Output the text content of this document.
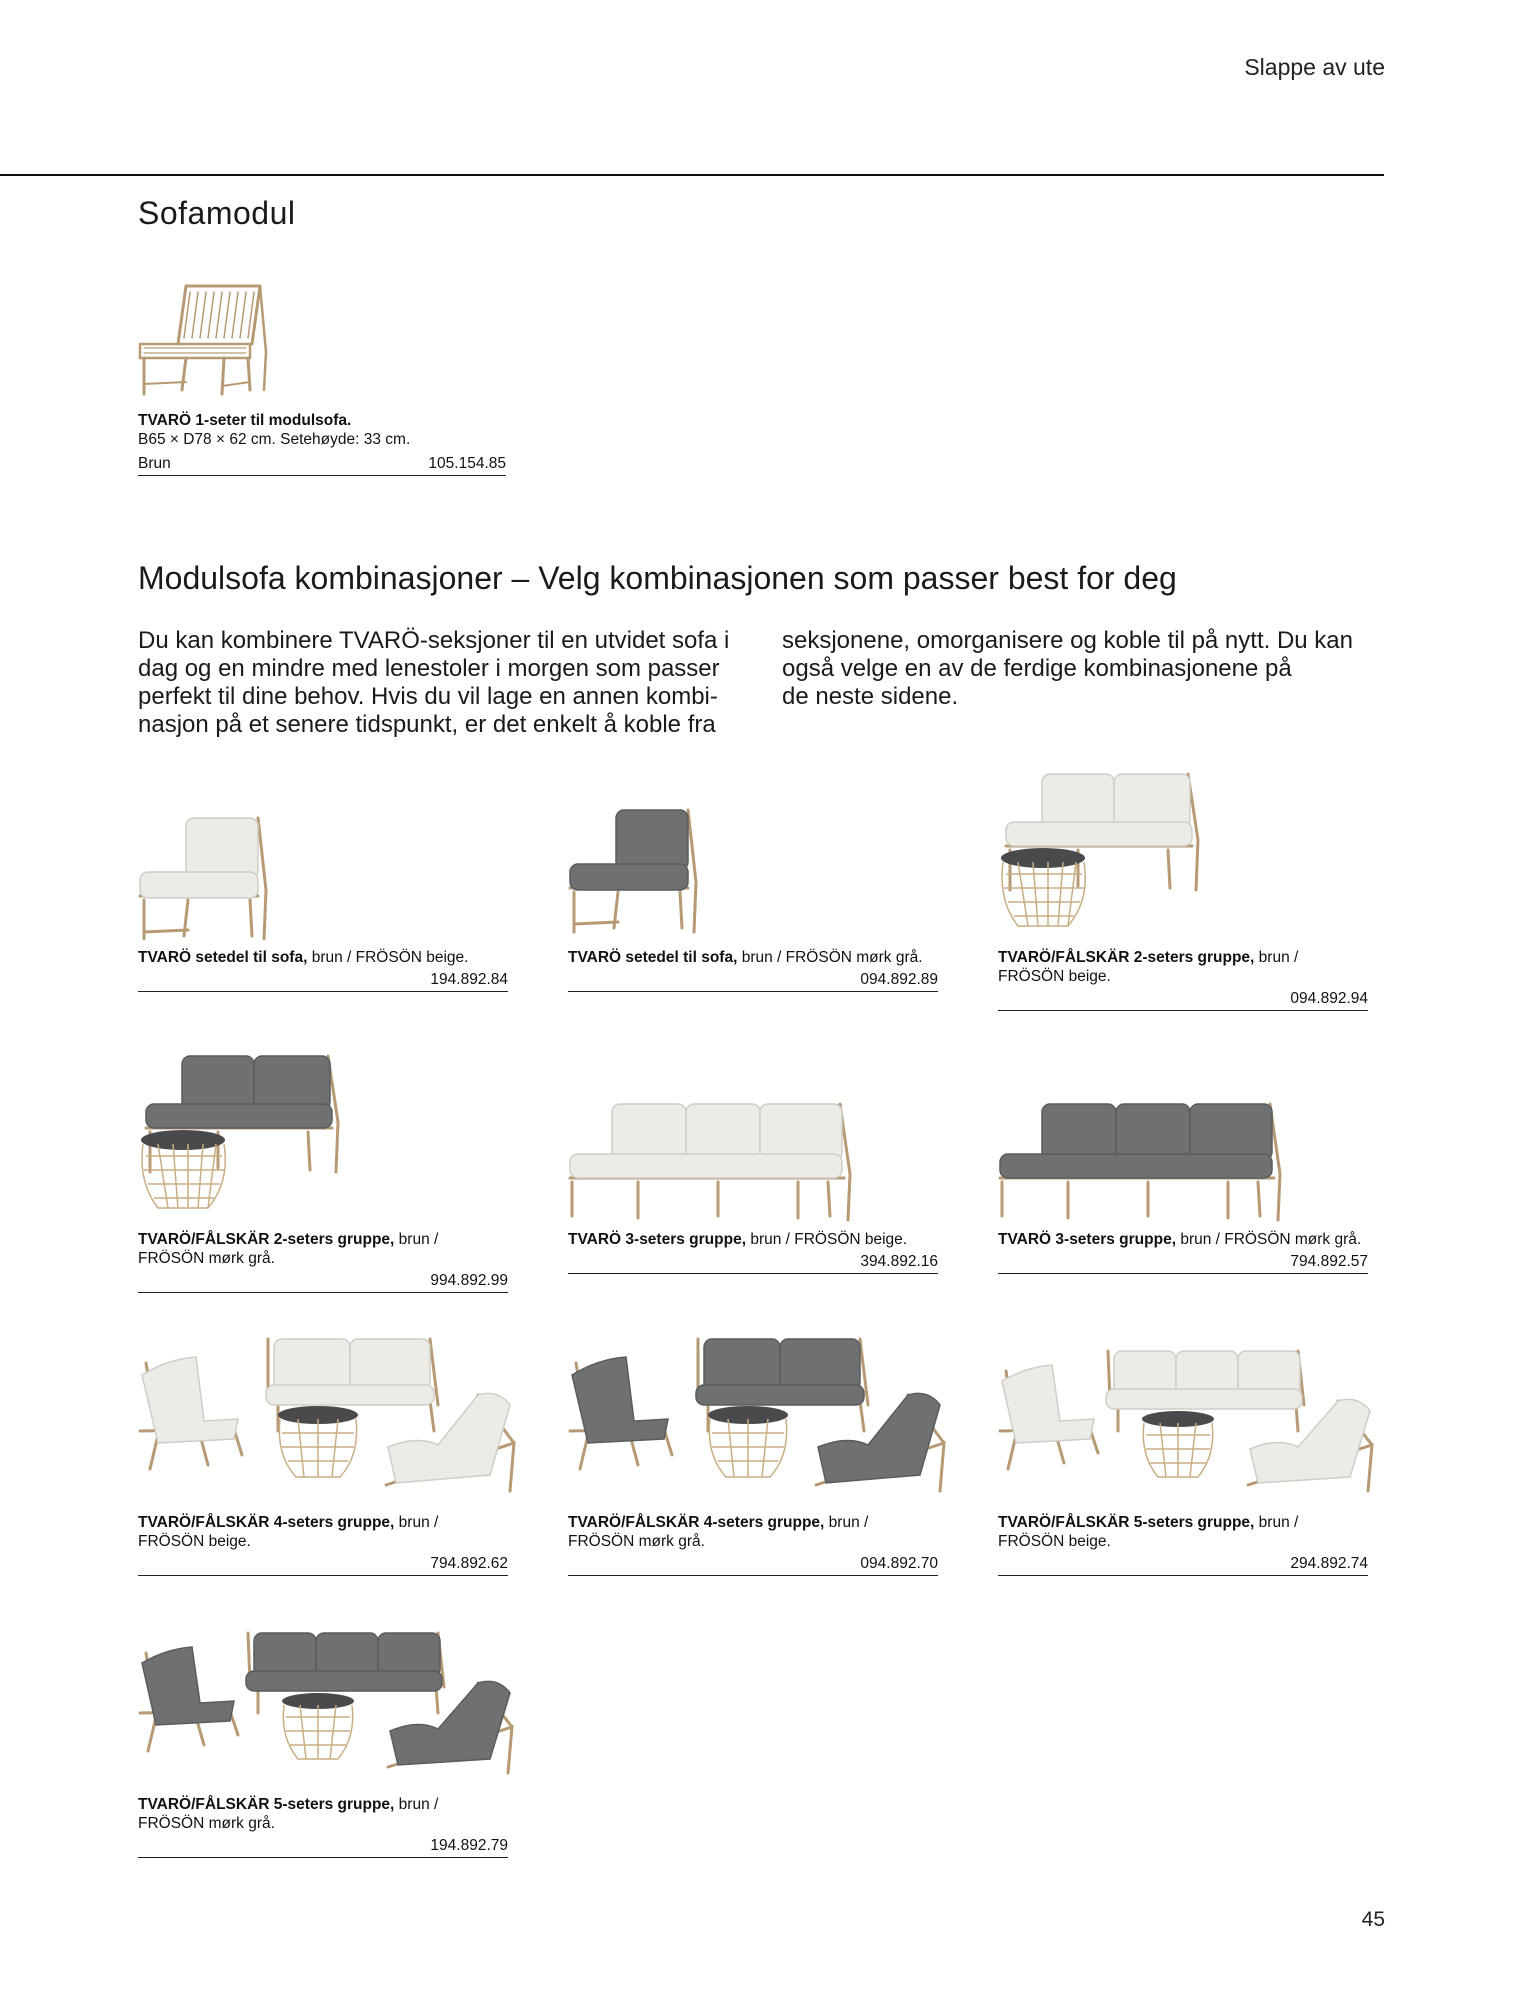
Slappe av ute
Sofamodul
TVARÖ 1-seter til modulsofa.
B65 × D78 × 62 cm. Setehøyde: 33 cm.
Brun	105.154.85
Modulsofa kombinasjoner – Velg kombinasjonen som passer best for deg
Du kan kombinere TVARÖ-seksjoner til en utvidet sofa i
dag og en mindre med lenestoler i morgen som passer
perfekt til dine behov. Hvis du vil lage en annen kombi-
nasjon på et senere tidspunkt, er det enkelt å koble fra
seksjonene, omorganisere og koble til på nytt. Du kan
også velge en av de ferdige kombinasjonene på
de neste sidene.
TVARÖ setedel til sofa, brun / FRÖSÖN beige.
194.892.84
TVARÖ setedel til sofa, brun / FRÖSÖN mørk grå.
094.892.89
TVARÖ/FÅLSKÄR 2-seters gruppe, brun / FRÖSÖN beige.
094.892.94
TVARÖ/FÅLSKÄR 2-seters gruppe, brun / FRÖSÖN mørk grå.
994.892.99
TVARÖ 3-seters gruppe, brun / FRÖSÖN beige.
394.892.16
TVARÖ 3-seters gruppe, brun / FRÖSÖN mørk grå.
794.892.57
TVARÖ/FÅLSKÄR 4-seters gruppe, brun / FRÖSÖN beige.
794.892.62
TVARÖ/FÅLSKÄR 4-seters gruppe, brun / FRÖSÖN mørk grå.
094.892.70
TVARÖ/FÅLSKÄR 5-seters gruppe, brun / FRÖSÖN beige.
294.892.74
TVARÖ/FÅLSKÄR 5-seters gruppe, brun / FRÖSÖN mørk grå.
194.892.79
45
